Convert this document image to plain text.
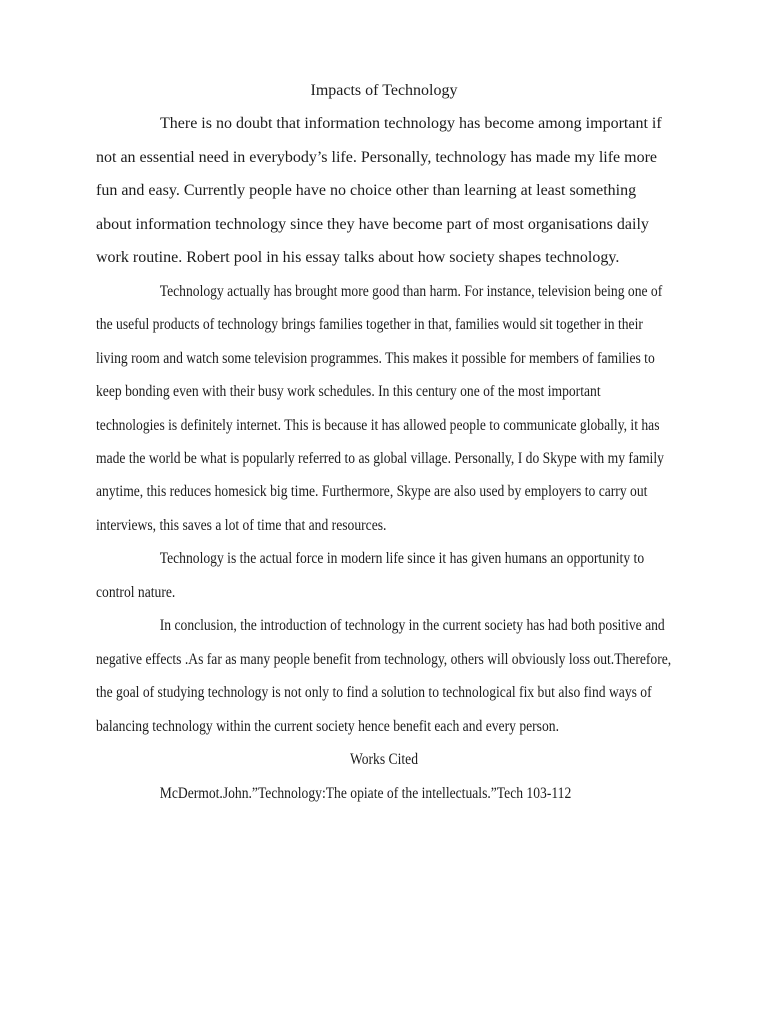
Impacts of Technology

There is no doubt that information technology has become among important if not an essential need in everybody’s life. Personally, technology has made my life more fun and easy. Currently people have no choice other than learning at least something about information technology since they have become part of most organisations daily work routine. Robert pool in his essay talks about how society shapes technology.

Technology actually has brought more good than harm. For instance, television being one of the useful products of technology brings families together in that, families would sit together in their living room and watch some television programmes. This makes it possible for members of families to keep bonding even with their busy work schedules. In this century one of the most important technologies is definitely internet. This is because it has allowed people to communicate globally, it has made the world be what is popularly referred to as global village. Personally, I do Skype with my family anytime, this reduces homesick big time. Furthermore, Skype are also used by employers to carry out interviews, this saves a lot of time that and resources.

Technology is the actual force in modern life since it has given humans an opportunity to control nature.

In conclusion, the introduction of technology in the current society has had both positive and negative effects .As far as many people benefit from technology, others will obviously loss out.Therefore, the goal of studying technology is not only to find a solution to technological fix but also find ways of balancing technology within the current society hence benefit each and every person.

Works Cited

McDermot.John.”Technology:The opiate of the intellectuals.”Tech 103-112
